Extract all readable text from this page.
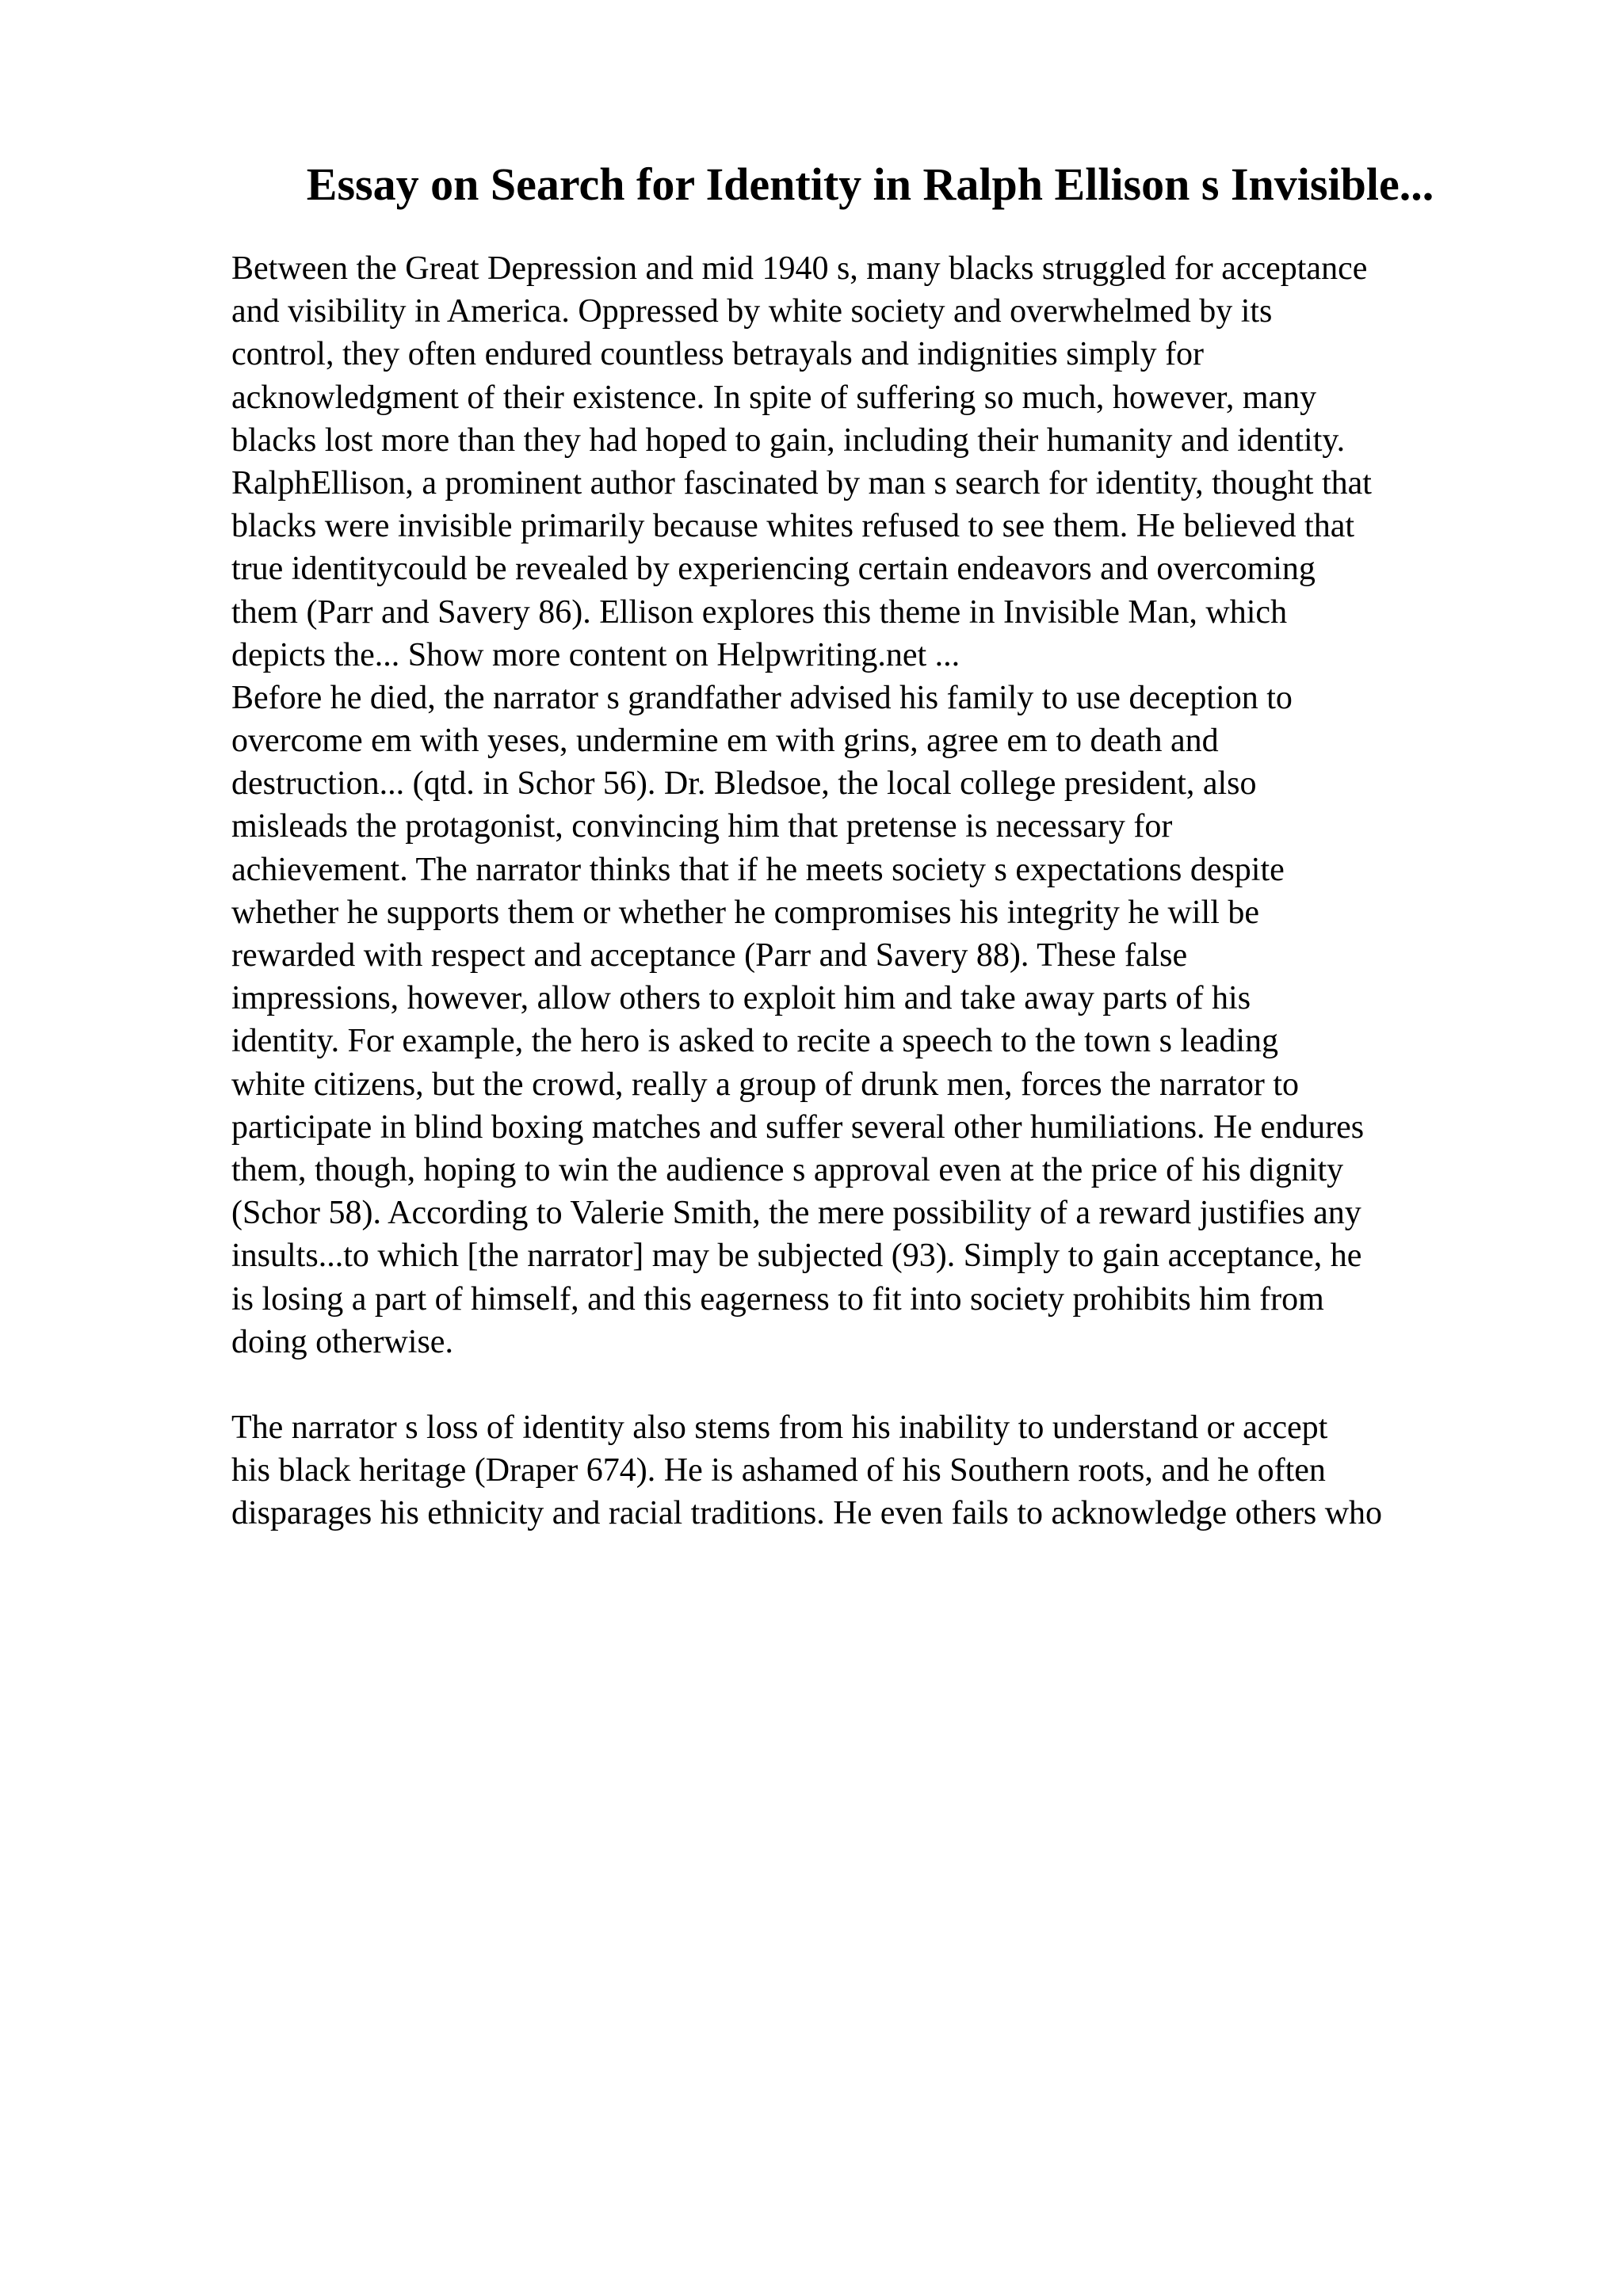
Essay on Search for Identity in Ralph Ellison s Invisible...
Between the Great Depression and mid 1940 s, many blacks struggled for acceptance
and visibility in America. Oppressed by white society and overwhelmed by its
control, they often endured countless betrayals and indignities simply for
acknowledgment of their existence. In spite of suffering so much, however, many
blacks lost more than they had hoped to gain, including their humanity and identity.
RalphEllison, a prominent author fascinated by man s search for identity, thought that
blacks were invisible primarily because whites refused to see them. He believed that
true identitycould be revealed by experiencing certain endeavors and overcoming
them (Parr and Savery 86). Ellison explores this theme in Invisible Man, which
depicts the... Show more content on Helpwriting.net ...
Before he died, the narrator s grandfather advised his family to use deception to
overcome em with yeses, undermine em with grins, agree em to death and
destruction... (qtd. in Schor 56). Dr. Bledsoe, the local college president, also
misleads the protagonist, convincing him that pretense is necessary for
achievement. The narrator thinks that if he meets society s expectations despite
whether he supports them or whether he compromises his integrity he will be
rewarded with respect and acceptance (Parr and Savery 88). These false
impressions, however, allow others to exploit him and take away parts of his
identity. For example, the hero is asked to recite a speech to the town s leading
white citizens, but the crowd, really a group of drunk men, forces the narrator to
participate in blind boxing matches and suffer several other humiliations. He endures
them, though, hoping to win the audience s approval even at the price of his dignity
(Schor 58). According to Valerie Smith, the mere possibility of a reward justifies any
insults...to which [the narrator] may be subjected (93). Simply to gain acceptance, he
is losing a part of himself, and this eagerness to fit into society prohibits him from
doing otherwise.
The narrator s loss of identity also stems from his inability to understand or accept
his black heritage (Draper 674). He is ashamed of his Southern roots, and he often
disparages his ethnicity and racial traditions. He even fails to acknowledge others who
